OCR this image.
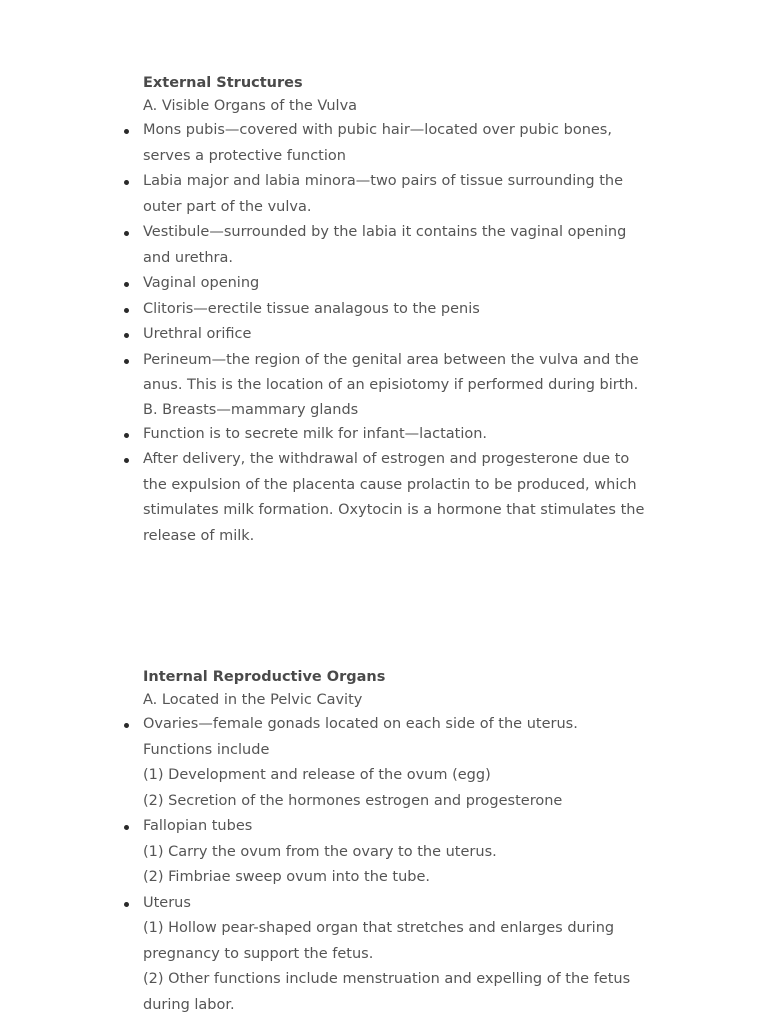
External Structures
A. Visible Organs of the Vulva
Mons pubis—covered with pubic hair—located over pubic bones, serves a protective function
Labia major and labia minora—two pairs of tissue surrounding the outer part of the vulva.
Vestibule—surrounded by the labia it contains the vaginal opening and urethra.
Vaginal opening
Clitoris—erectile tissue analagous to the penis
Urethral orifice
Perineum—the region of the genital area between the vulva and the anus. This is the location of an episiotomy if performed during birth.
B. Breasts—mammary glands
Function is to secrete milk for infant—lactation.
After delivery, the withdrawal of estrogen and progesterone due to the expulsion of the placenta cause prolactin to be produced, which stimulates milk formation. Oxytocin is a hormone that stimulates the release of milk.
Internal Reproductive Organs
A. Located in the Pelvic Cavity
Ovaries—female gonads located on each side of the uterus. Functions include
(1) Development and release of the ovum (egg)
(2) Secretion of the hormones estrogen and progesterone
Fallopian tubes
(1) Carry the ovum from the ovary to the uterus.
(2) Fimbriae sweep ovum into the tube.
Uterus
(1) Hollow pear-shaped organ that stretches and enlarges during pregnancy to support the fetus.
(2) Other functions include menstruation and expelling of the fetus during labor.
